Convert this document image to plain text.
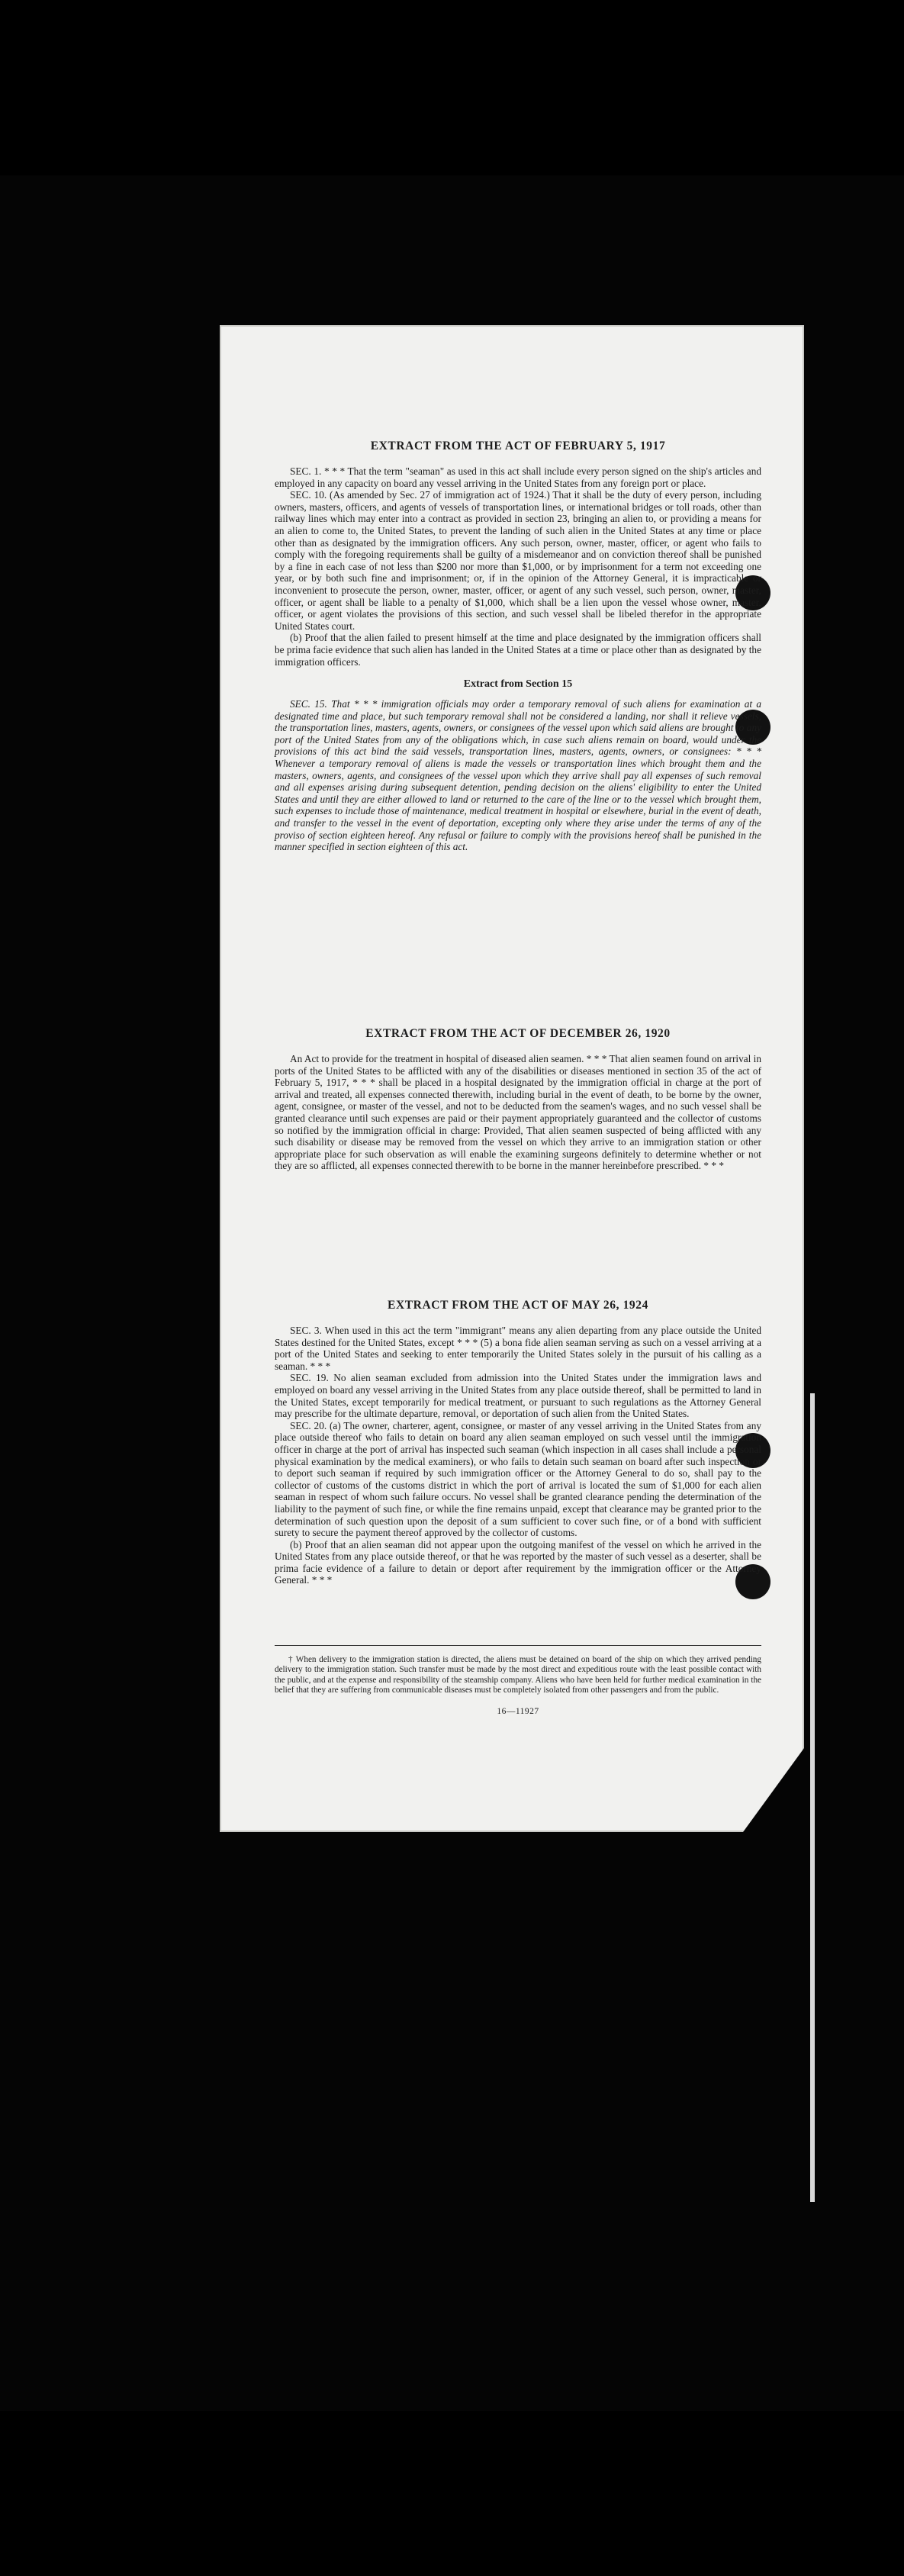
EXTRACT FROM THE ACT OF FEBRUARY 5, 1917

SEC. 1. * * * That the term "seaman" as used in this act shall include every person signed on the ship's articles and employed in any capacity on board any vessel arriving in the United States from any foreign port or place.

SEC. 10. (As amended by Sec. 27 of immigration act of 1924.) That it shall be the duty of every person, including owners, masters, officers, and agents of vessels of transportation lines, or international bridges or toll roads, other than railway lines which may enter into a contract as provided in section 23, bringing an alien to, or providing a means for an alien to come to, the United States, to prevent the landing of such alien in the United States at any time or place other than as designated by the immigration officers. Any such person, owner, master, officer, or agent who fails to comply with the foregoing requirements shall be guilty of a misdemeanor and on conviction thereof shall be punished by a fine in each case of not less than $200 nor more than $1,000, or by imprisonment for a term not exceeding one year, or by both such fine and imprisonment; or, if in the opinion of the Attorney General, it is impracticable or inconvenient to prosecute the person, owner, master, officer, or agent of any such vessel, such person, owner, master, officer, or agent shall be liable to a penalty of $1,000, which shall be a lien upon the vessel whose owner, master, officer, or agent violates the provisions of this section, and such vessel shall be libeled therefor in the appropriate United States court.

(b) Proof that the alien failed to present himself at the time and place designated by the immigration officers shall be prima facie evidence that such alien has landed in the United States at a time or place other than as designated by the immigration officers.

Extract from Section 15

SEC. 15. That * * * immigration officials may order a temporary removal of such aliens for examination at a designated time and place, but such temporary removal shall not be considered a landing, nor shall it relieve vessels, the transportation lines, masters, agents, owners, or consignees of the vessel upon which said aliens are brought to any port of the United States from any of the obligations which, in case such aliens remain on board, would under the provisions of this act bind the said vessels, transportation lines, masters, agents, owners, or consignees: * * * Whenever a temporary removal of aliens is made the vessels or transportation lines which brought them and the masters, owners, agents, and consignees of the vessel upon which they arrive shall pay all expenses of such removal and all expenses arising during subsequent detention, pending decision on the aliens' eligibility to enter the United States and until they are either allowed to land or returned to the care of the line or to the vessel which brought them, such expenses to include those of maintenance, medical treatment in hospital or elsewhere, burial in the event of death, and transfer to the vessel in the event of deportation, excepting only where they arise under the terms of any of the proviso of section eighteen hereof. Any refusal or failure to comply with the provisions hereof shall be punished in the manner specified in section eighteen of this act.

EXTRACT FROM THE ACT OF DECEMBER 26, 1920

An Act to provide for the treatment in hospital of diseased alien seamen. * * * That alien seamen found on arrival in ports of the United States to be afflicted with any of the disabilities or diseases mentioned in section 35 of the act of February 5, 1917, * * * shall be placed in a hospital designated by the immigration official in charge at the port of arrival and treated, all expenses connected therewith, including burial in the event of death, to be borne by the owner, agent, consignee, or master of the vessel, and not to be deducted from the seamen's wages, and no such vessel shall be granted clearance until such expenses are paid or their payment appropriately guaranteed and the collector of customs so notified by the immigration official in charge: Provided, That alien seamen suspected of being afflicted with any such disability or disease may be removed from the vessel on which they arrive to an immigration station or other appropriate place for such observation as will enable the examining surgeons definitely to determine whether or not they are so afflicted, all expenses connected therewith to be borne in the manner hereinbefore prescribed. * * *

EXTRACT FROM THE ACT OF MAY 26, 1924

SEC. 3. When used in this act the term "immigrant" means any alien departing from any place outside the United States destined for the United States, except * * * (5) a bona fide alien seaman serving as such on a vessel arriving at a port of the United States and seeking to enter temporarily the United States solely in the pursuit of his calling as a seaman. * * *

SEC. 19. No alien seaman excluded from admission into the United States under the immigration laws and employed on board any vessel arriving in the United States from any place outside thereof, shall be permitted to land in the United States, except temporarily for medical treatment, or pursuant to such regulations as the Attorney General may prescribe for the ultimate departure, removal, or deportation of such alien from the United States.

SEC. 20. (a) The owner, charterer, agent, consignee, or master of any vessel arriving in the United States from any place outside thereof who fails to detain on board any alien seaman employed on such vessel until the immigration officer in charge at the port of arrival has inspected such seaman (which inspection in all cases shall include a personal physical examination by the medical examiners), or who fails to detain such seaman on board after such inspection or to deport such seaman if required by such immigration officer or the Attorney General to do so, shall pay to the collector of customs of the customs district in which the port of arrival is located the sum of $1,000 for each alien seaman in respect of whom such failure occurs. No vessel shall be granted clearance pending the determination of the liability to the payment of such fine, or while the fine remains unpaid, except that clearance may be granted prior to the determination of such question upon the deposit of a sum sufficient to cover such fine, or of a bond with sufficient surety to secure the payment thereof approved by the collector of customs.

(b) Proof that an alien seaman did not appear upon the outgoing manifest of the vessel on which he arrived in the United States from any place outside thereof, or that he was reported by the master of such vessel as a deserter, shall be prima facie evidence of a failure to detain or deport after requirement by the immigration officer or the Attorney General. * * *

† When delivery to the immigration station is directed, the aliens must be detained on board of the ship on which they arrived pending delivery to the immigration station. Such transfer must be made by the most direct and expeditious route with the least possible contact with the public, and at the expense and responsibility of the steamship company. Aliens who have been held for further medical examination in the belief that they are suffering from communicable diseases must be completely isolated from other passengers and from the public.

16—11927
